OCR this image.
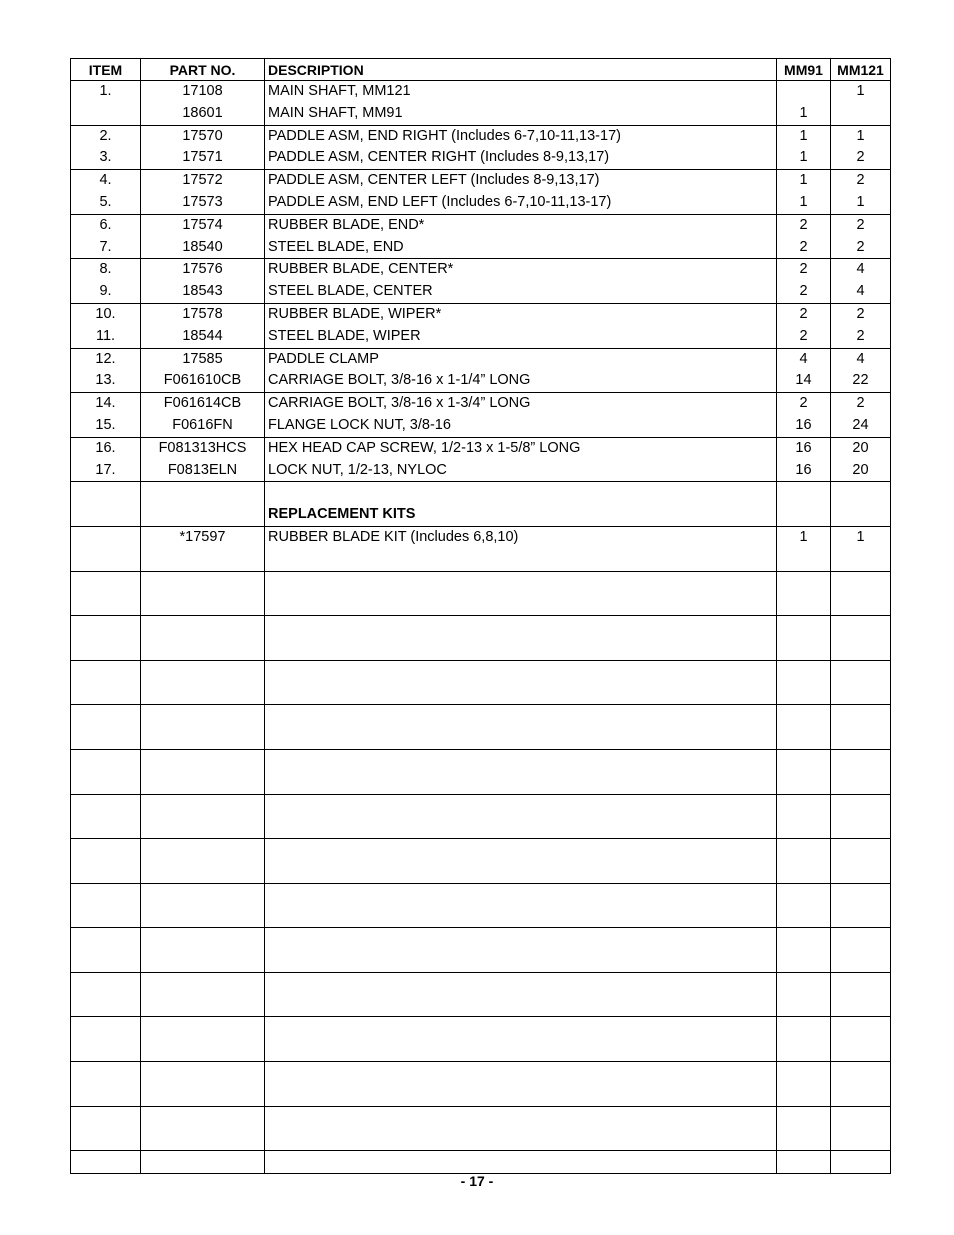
ITEM	PART NO.	DESCRIPTION	MM91	MM121
1.	17108	MAIN SHAFT, MM121		1
	18601	MAIN SHAFT, MM91	1	
2.	17570	PADDLE ASM, END RIGHT (Includes 6-7,10-11,13-17)	1	1
3.	17571	PADDLE ASM, CENTER RIGHT (Includes 8-9,13,17)	1	2
4.	17572	PADDLE ASM, CENTER LEFT (Includes 8-9,13,17)	1	2
5.	17573	PADDLE ASM, END LEFT (Includes 6-7,10-11,13-17)	1	1
6.	17574	RUBBER BLADE, END*	2	2
7.	18540	STEEL BLADE, END	2	2
8.	17576	RUBBER BLADE, CENTER*	2	4
9.	18543	STEEL BLADE, CENTER	2	4
10.	17578	RUBBER BLADE, WIPER*	2	2
11.	18544	STEEL BLADE, WIPER	2	2
12.	17585	PADDLE CLAMP	4	4
13.	F061610CB	CARRIAGE BOLT, 3/8-16 x 1-1/4” LONG	14	22
14.	F061614CB	CARRIAGE BOLT, 3/8-16 x 1-3/4” LONG	2	2
15.	F0616FN	FLANGE LOCK NUT, 3/8-16	16	24
16.	F081313HCS	HEX HEAD CAP SCREW, 1/2-13 x 1-5/8” LONG	16	20
17.	F0813ELN	LOCK NUT, 1/2-13, NYLOC	16	20

		REPLACEMENT KITS		
	*17597	RUBBER BLADE KIT (Includes 6,8,10)	1	1

- 17 -
